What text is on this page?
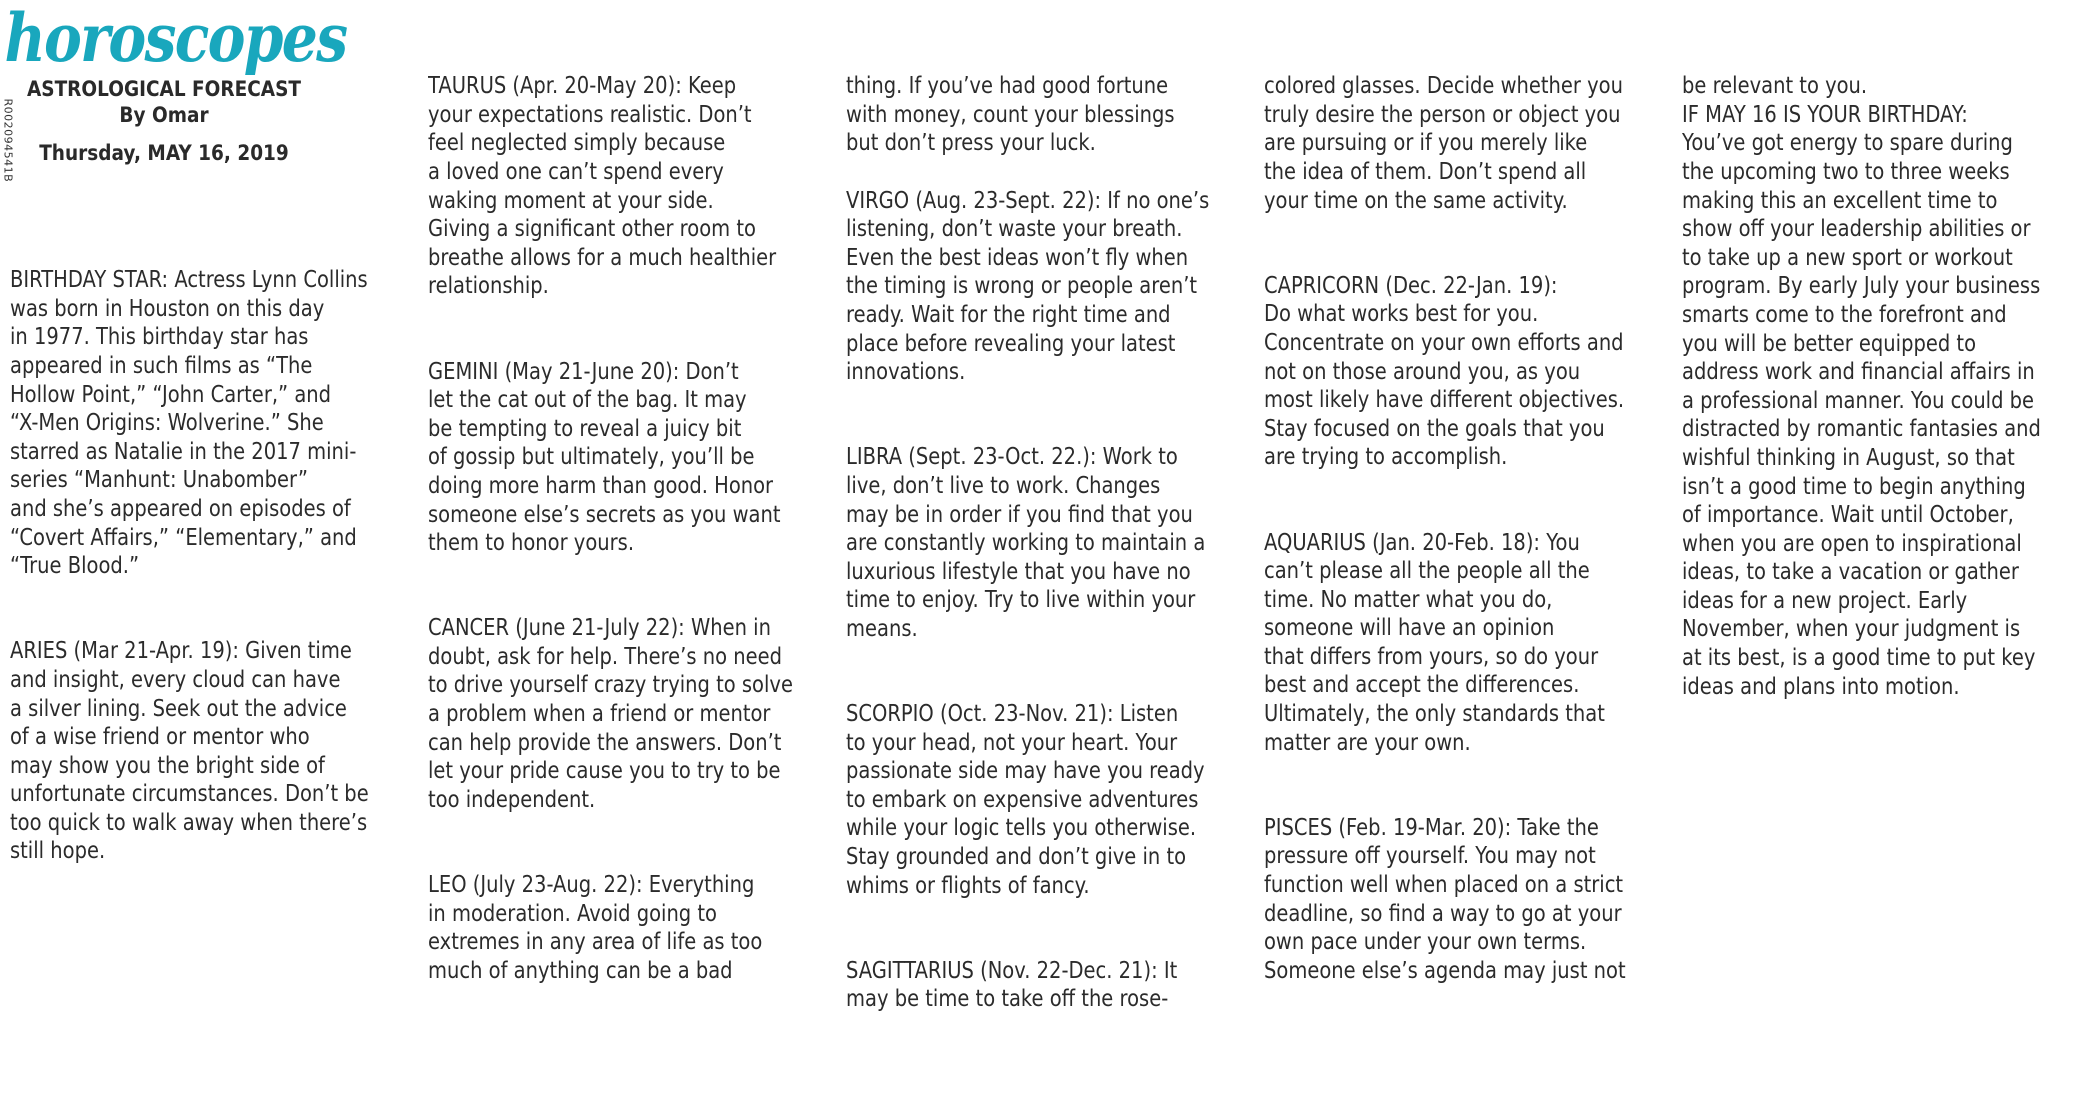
R002094541B
horoscopes
ASTROLOGICAL FORECAST
By Omar
Thursday, MAY 16, 2019

BIRTHDAY STAR: Actress Lynn Collins
was born in Houston on this day
in 1977. This birthday star has
appeared in such films as “The
Hollow Point,” “John Carter,” and
“X-Men Origins: Wolverine.” She
starred as Natalie in the 2017 mini-
series “Manhunt: Unabomber”
and she’s appeared on episodes of
“Covert Affairs,” “Elementary,” and
“True Blood.”

ARIES (Mar 21-Apr. 19): Given time
and insight, every cloud can have
a silver lining. Seek out the advice
of a wise friend or mentor who
may show you the bright side of
unfortunate circumstances. Don’t be
too quick to walk away when there’s
still hope.

TAURUS (Apr. 20-May 20): Keep
your expectations realistic. Don’t
feel neglected simply because
a loved one can’t spend every
waking moment at your side.
Giving a significant other room to
breathe allows for a much healthier
relationship.

GEMINI (May 21-June 20): Don’t
let the cat out of the bag. It may
be tempting to reveal a juicy bit
of gossip but ultimately, you’ll be
doing more harm than good. Honor
someone else’s secrets as you want
them to honor yours.

CANCER (June 21-July 22): When in
doubt, ask for help. There’s no need
to drive yourself crazy trying to solve
a problem when a friend or mentor
can help provide the answers. Don’t
let your pride cause you to try to be
too independent.

LEO (July 23-Aug. 22): Everything
in moderation. Avoid going to
extremes in any area of life as too
much of anything can be a bad

thing. If you’ve had good fortune
with money, count your blessings
but don’t press your luck.

VIRGO (Aug. 23-Sept. 22): If no one’s
listening, don’t waste your breath.
Even the best ideas won’t fly when
the timing is wrong or people aren’t
ready. Wait for the right time and
place before revealing your latest
innovations.

LIBRA (Sept. 23-Oct. 22.): Work to
live, don’t live to work. Changes
may be in order if you find that you
are constantly working to maintain a
luxurious lifestyle that you have no
time to enjoy. Try to live within your
means.

SCORPIO (Oct. 23-Nov. 21): Listen
to your head, not your heart. Your
passionate side may have you ready
to embark on expensive adventures
while your logic tells you otherwise.
Stay grounded and don’t give in to
whims or flights of fancy.

SAGITTARIUS (Nov. 22-Dec. 21): It
may be time to take off the rose-

colored glasses. Decide whether you
truly desire the person or object you
are pursuing or if you merely like
the idea of them. Don’t spend all
your time on the same activity.

CAPRICORN (Dec. 22-Jan. 19):
Do what works best for you.
Concentrate on your own efforts and
not on those around you, as you
most likely have different objectives.
Stay focused on the goals that you
are trying to accomplish.

AQUARIUS (Jan. 20-Feb. 18): You
can’t please all the people all the
time. No matter what you do,
someone will have an opinion
that differs from yours, so do your
best and accept the differences.
Ultimately, the only standards that
matter are your own.

PISCES (Feb. 19-Mar. 20): Take the
pressure off yourself. You may not
function well when placed on a strict
deadline, so find a way to go at your
own pace under your own terms.
Someone else’s agenda may just not

be relevant to you.
IF MAY 16 IS YOUR BIRTHDAY:
You’ve got energy to spare during
the upcoming two to three weeks
making this an excellent time to
show off your leadership abilities or
to take up a new sport or workout
program. By early July your business
smarts come to the forefront and
you will be better equipped to
address work and financial affairs in
a professional manner. You could be
distracted by romantic fantasies and
wishful thinking in August, so that
isn’t a good time to begin anything
of importance. Wait until October,
when you are open to inspirational
ideas, to take a vacation or gather
ideas for a new project. Early
November, when your judgment is
at its best, is a good time to put key
ideas and plans into motion.
